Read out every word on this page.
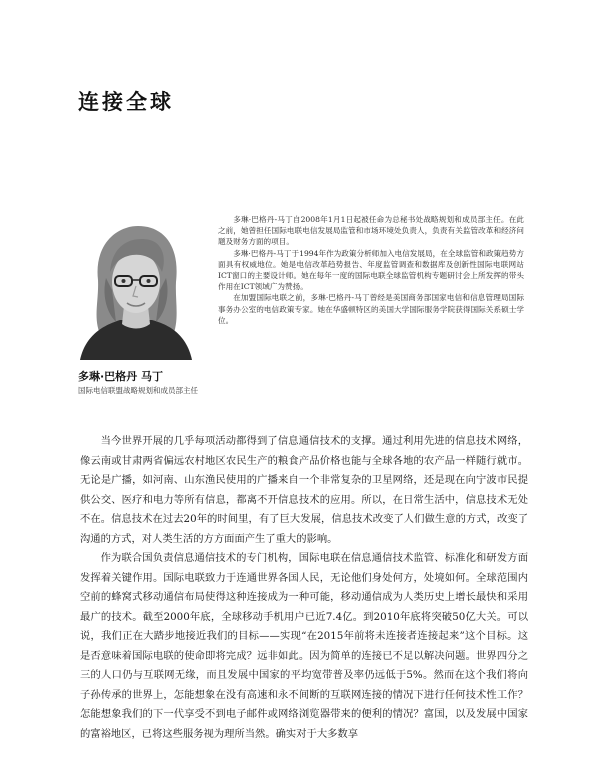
连接全球
多琳·巴格丹 马丁
国际电信联盟战略规划和成员部主任

多琳·巴格丹-马丁自2008年1月1日起被任命为总秘书处战略规划和成员部主任。在此之前，她曾担任国际电联电信发展局监管和市场环境处负责人，负责有关监管改革和经济问题及财务方面的项目。

多琳·巴格丹-马丁于1994年作为政策分析师加入电信发展局，在全球监管和政策趋势方面具有权威地位。她是电信改革趋势报告、年度监管调查和数据库及创新性国际电联网站ICT窗口的主要设计师。她在每年一度的国际电联全球监管机构专题研讨会上所发挥的带头作用在ICT领域广为赞扬。

在加盟国际电联之前，多琳·巴格丹-马丁曾经是美国商务部国家电信和信息管理局国际事务办公室的电信政策专家。她在华盛顿特区的美国大学国际服务学院获得国际关系硕士学位。

当今世界开展的几乎每项活动都得到了信息通信技术的支撑。通过利用先进的信息技术网络，像云南或甘肃两省偏远农村地区农民生产的粮食产品价格也能与全球各地的农产品一样随行就市。无论是广播，如河南、山东渔民使用的广播来自一个非常复杂的卫星网络，还是现在向宁波市民提供公交、医疗和电力等所有信息，都离不开信息技术的应用。所以，在日常生活中，信息技术无处不在。信息技术在过去20年的时间里，有了巨大发展，信息技术改变了人们做生意的方式，改变了沟通的方式，对人类生活的方方面面产生了重大的影响。

作为联合国负责信息通信技术的专门机构，国际电联在信息通信技术监管、标准化和研发方面发挥着关键作用。国际电联致力于连通世界各国人民，无论他们身处何方，处境如何。全球范围内空前的蜂窝式移动通信布局使得这种连接成为一种可能，移动通信成为人类历史上增长最快和采用最广的技术。截至2000年底，全球移动手机用户已近7.4亿。到2010年底将突破50亿大关。可以说，我们正在大踏步地接近我们的目标——实现“在2015年前将未连接者连接起来”这个目标。这是否意味着国际电联的使命即将完成？远非如此。因为简单的连接已不足以解决问题。世界四分之三的人口仍与互联网无缘，而且发展中国家的平均宽带普及率仍远低于5%。然而在这个我们将向子孙传承的世界上，怎能想象在没有高速和永不间断的互联网连接的情况下进行任何技术性工作？怎能想象我们的下一代享受不到电子邮件或网络浏览器带来的便利的情况？富国，以及发展中国家的富裕地区，已将这些服务视为理所当然。确实对于大多数享
